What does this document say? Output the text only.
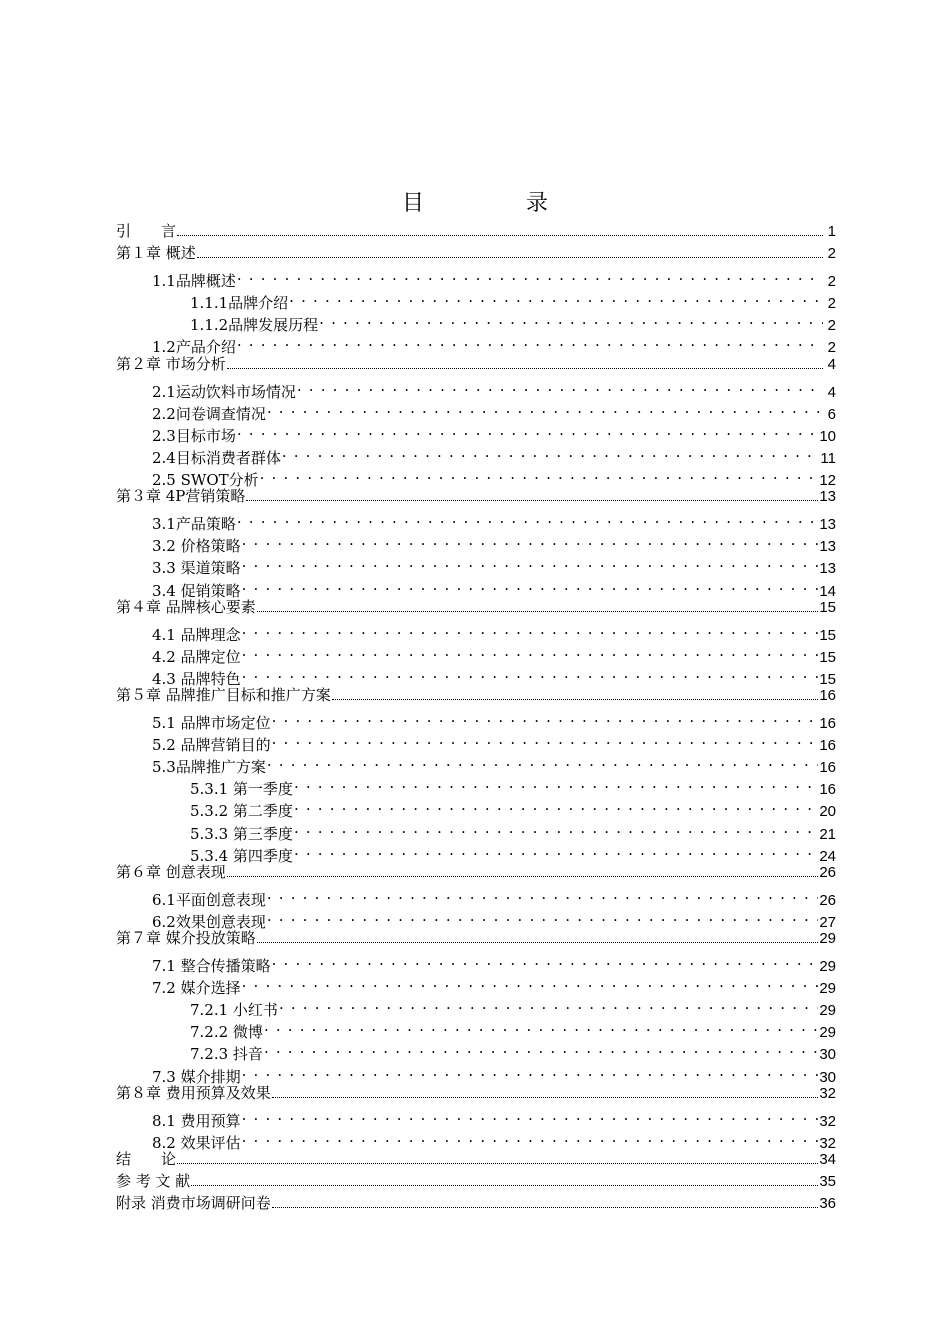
目　录
引　　言	1
第１章 概述	2
1.1品牌概述 . . .	2
1.1.1品牌介绍 . . .	2
1.1.2品牌发展历程 . . .	2
1.2产品介绍 . . .	2
第２章 市场分析	4
2.1运动饮料市场情况 . . .	4
2.2问卷调查情况 . . .	6
2.3目标市场 . . .	10
2.4目标消费者群体 . . .	11
2.5 SWOT分析 . . .	12
第３章 4P营销策略	13
3.1产品策略 . . .	13
3.2 价格策略 . . .	13
3.3 渠道策略 . . .	13
3.4 促销策略 . . .	14
第４章 品牌核心要素	15
4.1 品牌理念 . . .	15
4.2 品牌定位 . . .	15
4.3 品牌特色 . . .	15
第５章 品牌推广目标和推广方案	16
5.1 品牌市场定位 . . .	16
5.2 品牌营销目的 . . .	16
5.3品牌推广方案 . . .	16
5.3.1 第一季度 . . .	16
5.3.2 第二季度 . . .	20
5.3.3 第三季度 . . .	21
5.3.4 第四季度 . . .	24
第６章 创意表现	26
6.1平面创意表现 . . .	26
6.2效果创意表现 . . .	27
第７章 媒介投放策略	29
7.1 整合传播策略 . . .	29
7.2 媒介选择 . . .	29
7.2.1 小红书 . . .	29
7.2.2 微博 . . .	29
7.2.3 抖音 . . .	30
7.3 媒介排期 . . .	30
第８章 费用预算及效果	32
8.1 费用预算 . . .	32
8.2 效果评估 . . .	32
结　　论	34
参 考 文 献	35
附录 消费市场调研问卷	36
